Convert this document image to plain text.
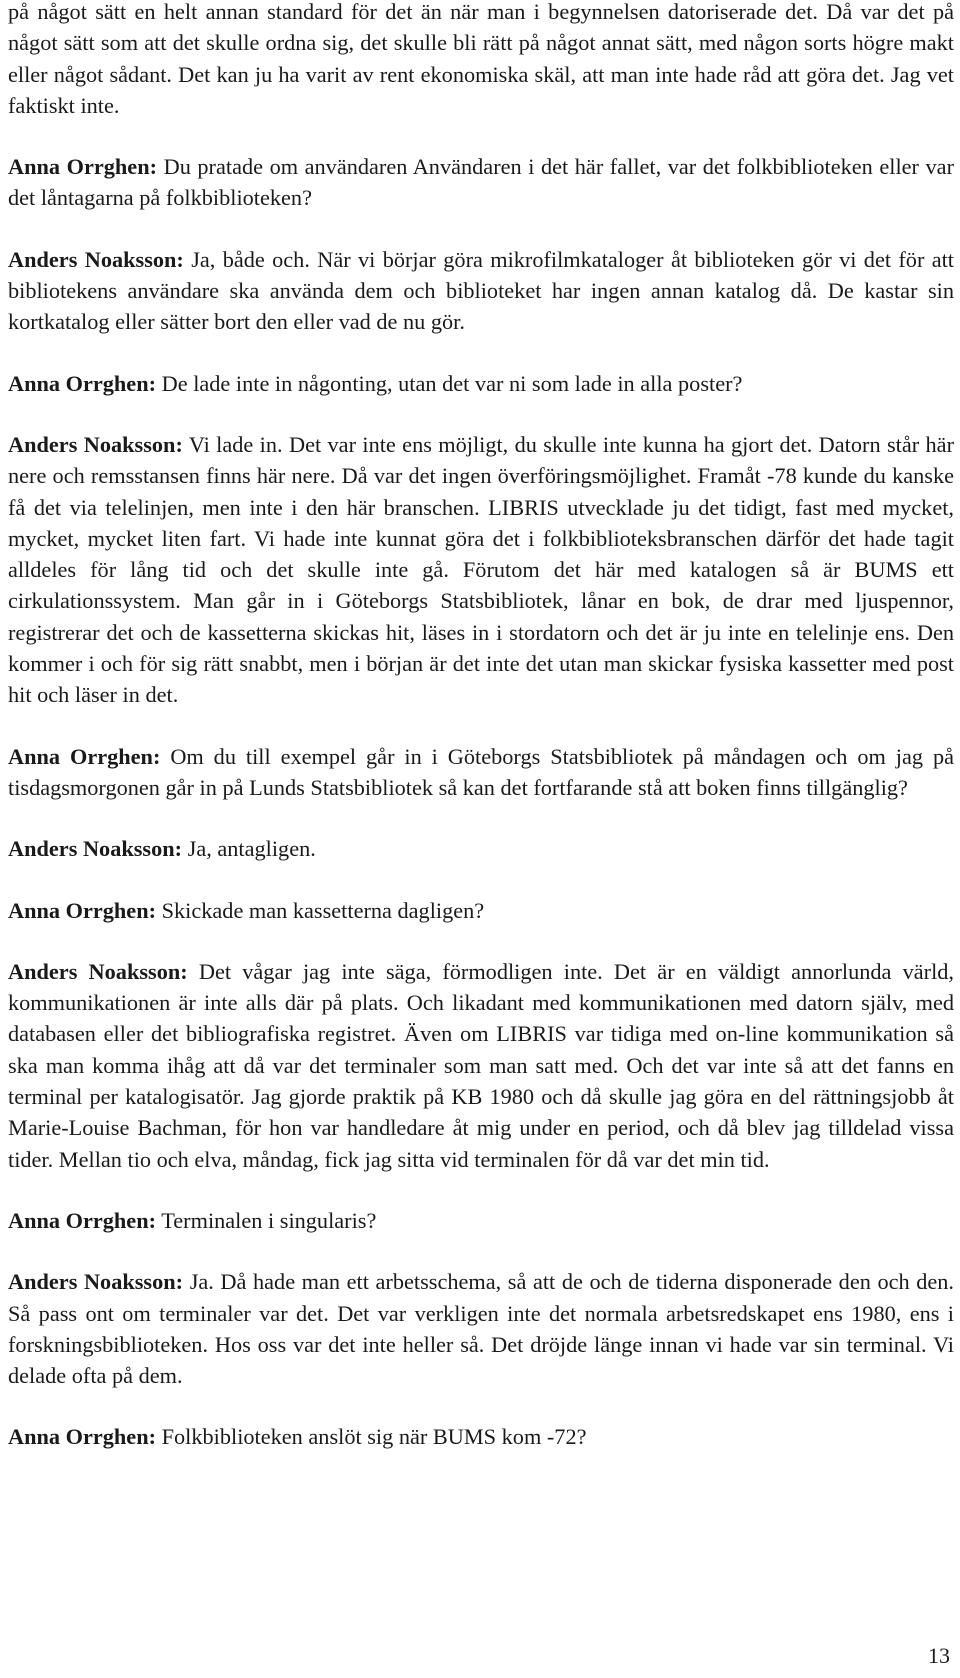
på något sätt en helt annan standard för det än när man i begynnelsen datoriserade det. Då var det på något sätt som att det skulle ordna sig, det skulle bli rätt på något annat sätt, med någon sorts högre makt eller något sådant. Det kan ju ha varit av rent ekonomiska skäl, att man inte hade råd att göra det. Jag vet faktiskt inte.

Anna Orrghen: Du pratade om användaren Användaren i det här fallet, var det folkbiblioteken eller var det låntagarna på folkbiblioteken?

Anders Noaksson: Ja, både och. När vi börjar göra mikrofilmkataloger åt biblioteken gör vi det för att bibliotekens användare ska använda dem och biblioteket har ingen annan katalog då. De kastar sin kortkatalog eller sätter bort den eller vad de nu gör.

Anna Orrghen: De lade inte in någonting, utan det var ni som lade in alla poster?

Anders Noaksson: Vi lade in. Det var inte ens möjligt, du skulle inte kunna ha gjort det. Datorn står här nere och remsstansen finns här nere. Då var det ingen överföringsmöjlighet. Framåt -78 kunde du kanske få det via telelinjen, men inte i den här branschen. LIBRIS utvecklade ju det tidigt, fast med mycket, mycket, mycket liten fart. Vi hade inte kunnat göra det i folkbiblioteksbranschen därför det hade tagit alldeles för lång tid och det skulle inte gå. Förutom det här med katalogen så är BUMS ett cirkulationssystem. Man går in i Göteborgs Statsbibliotek, lånar en bok, de drar med ljuspennor, registrerar det och de kassetterna skickas hit, läses in i stordatorn och det är ju inte en telelinje ens. Den kommer i och för sig rätt snabbt, men i början är det inte det utan man skickar fysiska kassetter med post hit och läser in det.

Anna Orrghen: Om du till exempel går in i Göteborgs Statsbibliotek på måndagen och om jag på tisdagsmorgonen går in på Lunds Statsbibliotek så kan det fortfarande stå att boken finns tillgänglig?

Anders Noaksson: Ja, antagligen.

Anna Orrghen: Skickade man kassetterna dagligen?

Anders Noaksson: Det vågar jag inte säga, förmodligen inte. Det är en väldigt annorlunda värld, kommunikationen är inte alls där på plats. Och likadant med kommunikationen med datorn själv, med databasen eller det bibliografiska registret. Även om LIBRIS var tidiga med on-line kommunikation så ska man komma ihåg att då var det terminaler som man satt med. Och det var inte så att det fanns en terminal per katalogisatör. Jag gjorde praktik på KB 1980 och då skulle jag göra en del rättningsjobb åt Marie-Louise Bachman, för hon var handledare åt mig under en period, och då blev jag tilldelad vissa tider. Mellan tio och elva, måndag, fick jag sitta vid terminalen för då var det min tid.

Anna Orrghen: Terminalen i singularis?

Anders Noaksson: Ja. Då hade man ett arbetsschema, så att de och de tiderna disponerade den och den. Så pass ont om terminaler var det. Det var verkligen inte det normala arbetsredskapet ens 1980, ens i forskningsbiblioteken. Hos oss var det inte heller så. Det dröjde länge innan vi hade var sin terminal. Vi delade ofta på dem.

Anna Orrghen: Folkbiblioteken anslöt sig när BUMS kom -72?

13
